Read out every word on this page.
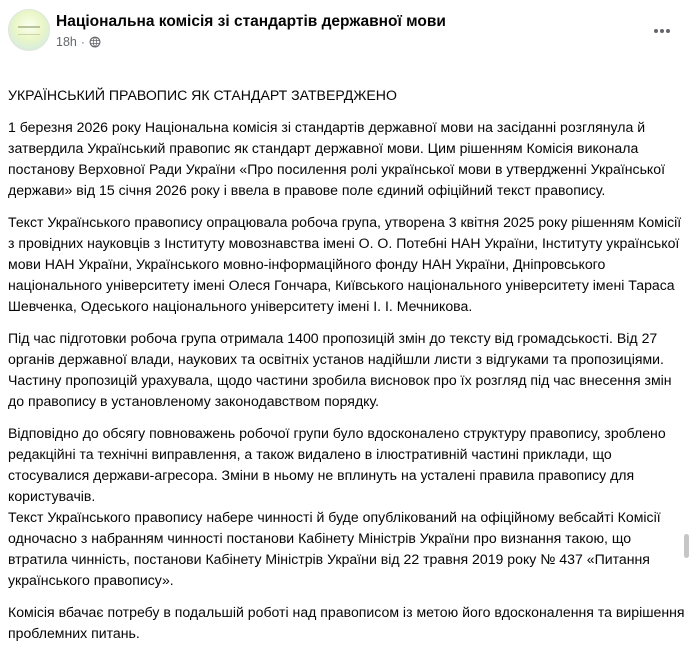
Національна комісія зі стандартів державної мови
18h ·

УКРАЇНСЬКИЙ ПРАВОПИС ЯК СТАНДАРТ ЗАТВЕРДЖЕНО

1 березня 2026 року Національна комісія зі стандартів державної мови на засіданні розглянула й затвердила Український правопис як стандарт державної мови. Цим рішенням Комісія виконала постанову Верховної Ради України «Про посилення ролі української мови в утвердженні Української держави» від 15 січня 2026 року і ввела в правове поле єдиний офіційний текст правопису.

Текст Українського правопису опрацювала робоча група, утворена 3 квітня 2025 року рішенням Комісії з провідних науковців з Інституту мовознавства імені О. О. Потебні НАН України, Інституту української мови НАН України, Українського мовно-інформаційного фонду НАН України, Дніпровського національного університету імені Олеся Гончара, Київського національного університету імені Тараса Шевченка, Одеського національного університету імені І. І. Мечникова.

Під час підготовки робоча група отримала 1400 пропозицій змін до тексту від громадськості. Від 27 органів державної влади, наукових та освітніх установ надійшли листи з відгуками та пропозиціями. Частину пропозицій урахувала, щодо частини зробила висновок про їх розгляд під час внесення змін до правопису в установленому законодавством порядку.

Відповідно до обсягу повноважень робочої групи було вдосконалено структуру правопису, зроблено редакційні та технічні виправлення, а також видалено в ілюстративній частині приклади, що стосувалися держави-агресора. Зміни в ньому не вплинуть на усталені правила правопису для користувачів.

Текст Українського правопису набере чинності й буде опублікований на офіційному вебсайті Комісії одночасно з набранням чинності постанови Кабінету Міністрів України про визнання такою, що втратила чинність, постанови Кабінету Міністрів України від 22 травня 2019 року № 437 «Питання українського правопису».

Комісія вбачає потребу в подальшій роботі над правописом із метою його вдосконалення та вирішення проблемних питань.
